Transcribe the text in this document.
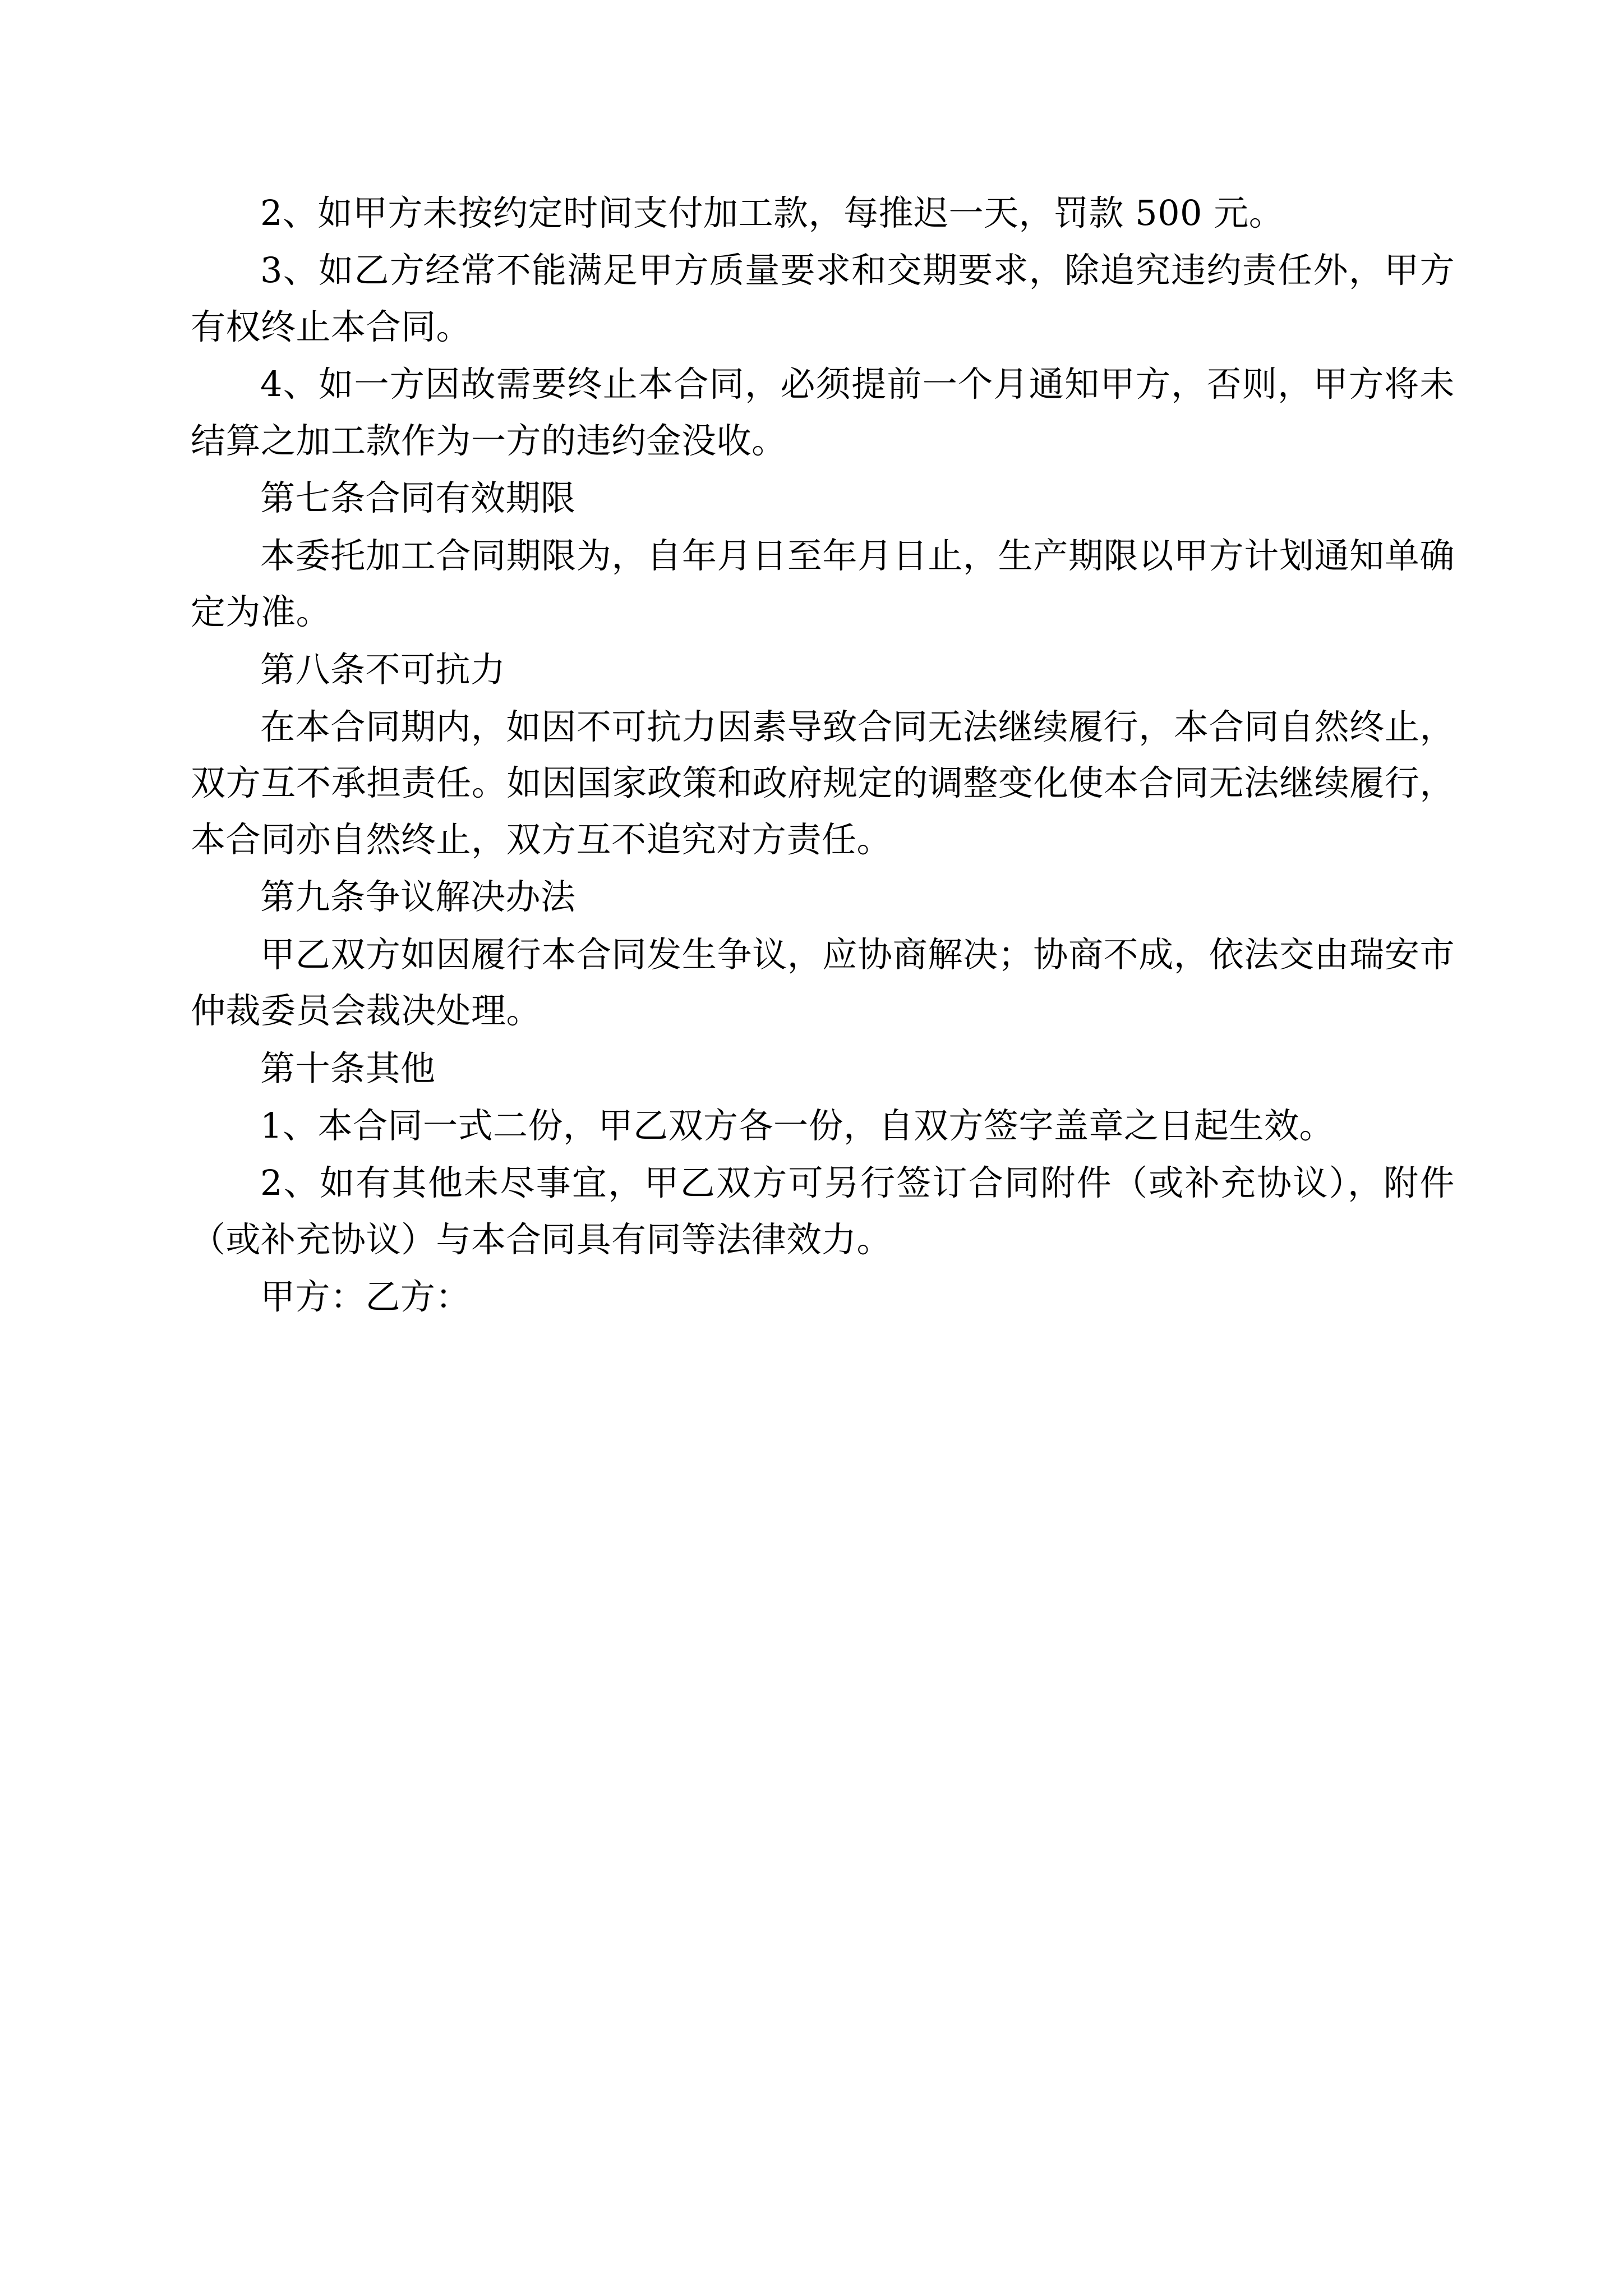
2、如甲方未按约定时间支付加工款，每推迟一天，罚款 500 元。

3、如乙方经常不能满足甲方质量要求和交期要求，除追究违约责任外，甲方有权终止本合同。

4、如一方因故需要终止本合同，必须提前一个月通知甲方，否则，甲方将未结算之加工款作为一方的违约金没收。

第七条合同有效期限

本委托加工合同期限为，自年月日至年月日止，生产期限以甲方计划通知单确定为准。

第八条不可抗力

在本合同期内，如因不可抗力因素导致合同无法继续履行，本合同自然终止，双方互不承担责任。如因国家政策和政府规定的调整变化使本合同无法继续履行，本合同亦自然终止，双方互不追究对方责任。

第九条争议解决办法

甲乙双方如因履行本合同发生争议，应协商解决；协商不成，依法交由瑞安市仲裁委员会裁决处理。

第十条其他

1、本合同一式二份，甲乙双方各一份，自双方签字盖章之日起生效。

2、如有其他未尽事宜，甲乙双方可另行签订合同附件（或补充协议），附件（或补充协议）与本合同具有同等法律效力。

甲方：乙方：
